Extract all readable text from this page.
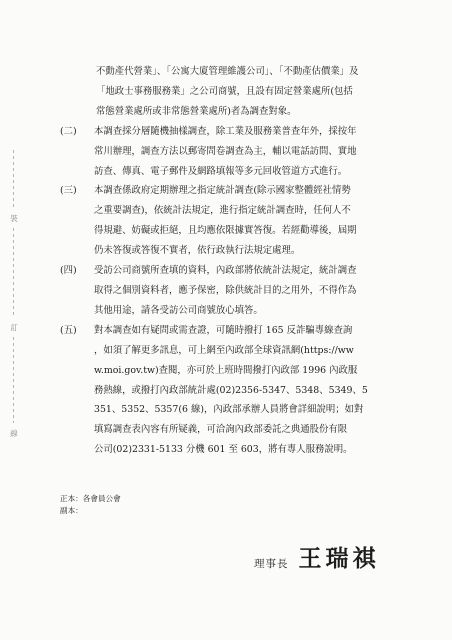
裝
訂
線

不動產代營業」、「公寓大廈管理維護公司」、「不動產估價業」及
「地政士事務服務業」之公司商號，且設有固定營業處所(包括
常態營業處所或非常態營業處所)者為調查對象。

(二)	本調查採分層隨機抽樣調查，除工業及服務業普查年外，採按年
常川辦理，調查方法以郵寄問卷調查為主，輔以電話訪問、實地
訪查、傳真、電子郵件及網路填報等多元回收管道方式進行。
(三)	本調查係政府定期辦理之指定統計調查(除示國家整體經社情勢
之重要調查)，依統計法規定，進行指定統計調查時，任何人不
得規避、妨礙或拒絕，且均應依限據實答復。若經勸導後，屆期
仍未答復或答復不實者，依行政執行法規定處理。
(四)	受訪公司商號所查填的資料，內政部將依統計法規定，統計調查
取得之個別資料者，應予保密，除供統計目的之用外，不得作為
其他用途，請各受訪公司商號放心填答。
(五)	對本調查如有疑問或需查證，可隨時撥打 165 反詐騙專線查詢
，如須了解更多訊息，可上網至內政部全球資訊網(https://ww
w.moi.gov.tw)查閱，亦可於上班時間撥打內政部 1996 內政服
務熱線，或撥打內政部統計處(02)2356-5347、5348、5349、5
351、5352、5357(6 線)，內政部承辦人員將會詳細說明；如對
填寫調查表內容有所疑義，可洽詢內政部委託之典通股份有限
公司(02)2331-5133 分機 601 至 603，將有專人服務說明。
正本：各會員公會
副本：
理事長 王瑞祺
